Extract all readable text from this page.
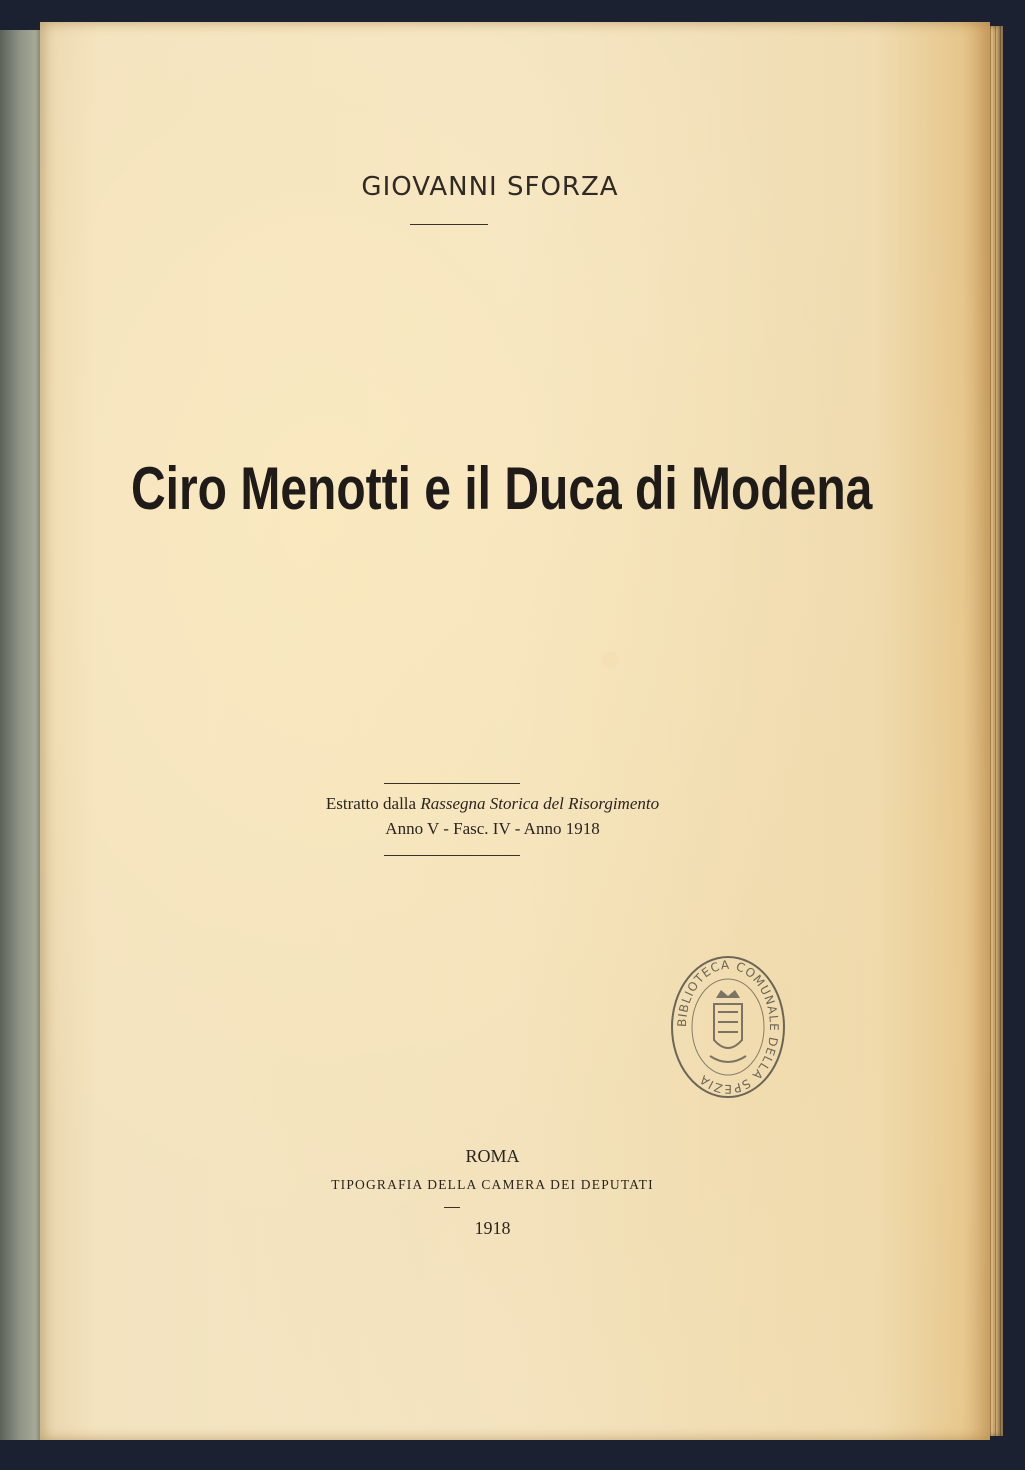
GIOVANNI SFORZA
Ciro Menotti e il Duca di Modena
Estratto dalla Rassegna Storica del Risorgimento
Anno V - Fasc. IV - Anno 1918
BIBLIOTECA COMUNALE DELLA SPEZIA
ROMA
TIPOGRAFIA DELLA CAMERA DEI DEPUTATI
1918
